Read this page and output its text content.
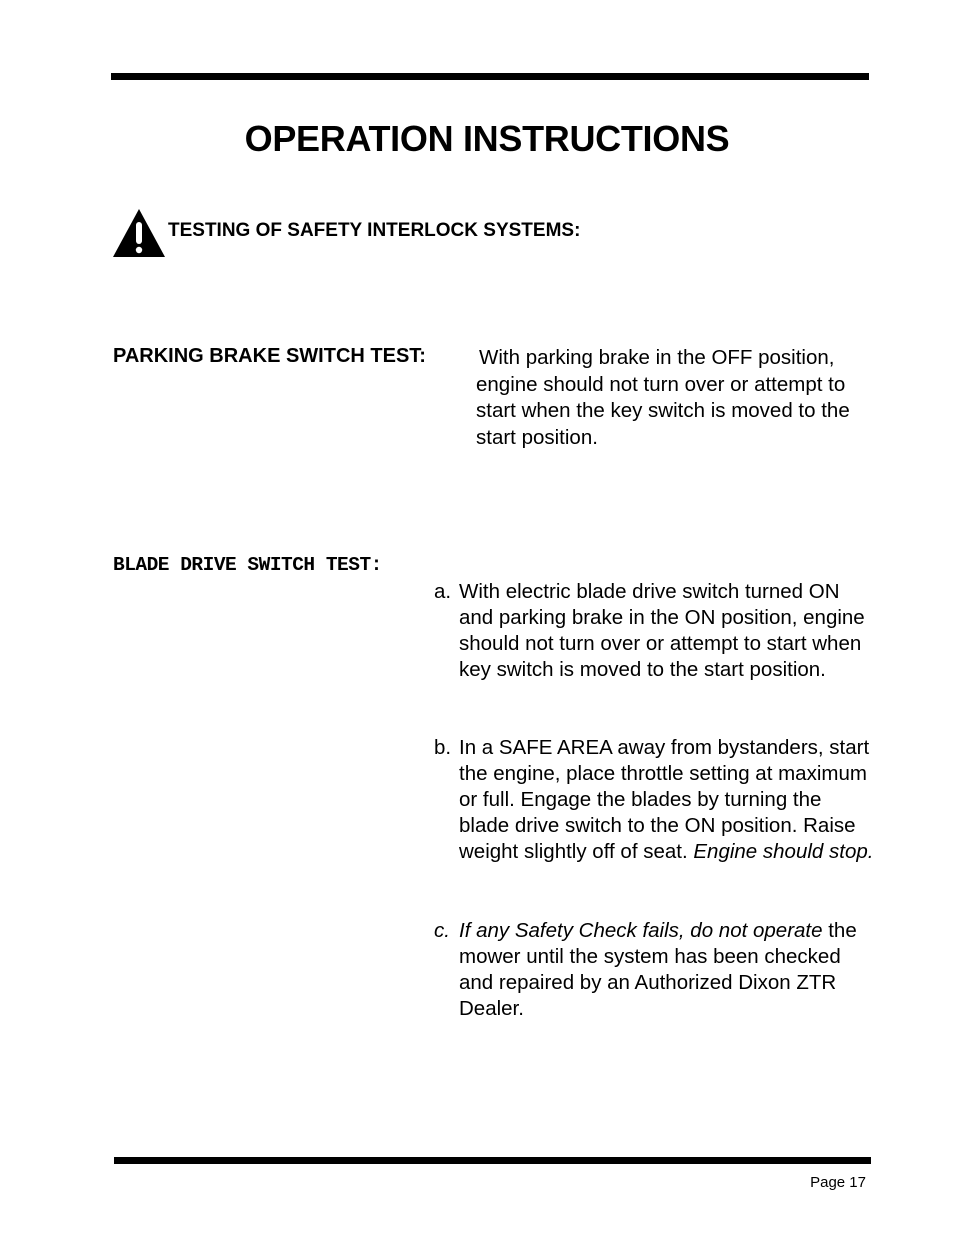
OPERATION INSTRUCTIONS
TESTING OF SAFETY INTERLOCK SYSTEMS:
PARKING BRAKE SWITCH TEST:	With parking brake in the OFF position, engine should not turn over or attempt to start when the key switch is moved to the start position.
BLADE DRIVE SWITCH TEST:
a. With electric blade drive switch turned ON and parking brake in the ON position, engine should not turn over or attempt to start when key switch is moved to the start position.
b. In a SAFE AREA away from bystanders, start the engine, place throttle setting at maximum or full. Engage the blades by turning the blade drive switch to the ON position. Raise weight slightly off of seat. Engine should stop.
c. If any Safety Check fails, do not operate the mower until the system has been checked and repaired by an Authorized Dixon ZTR Dealer.
Page 17
